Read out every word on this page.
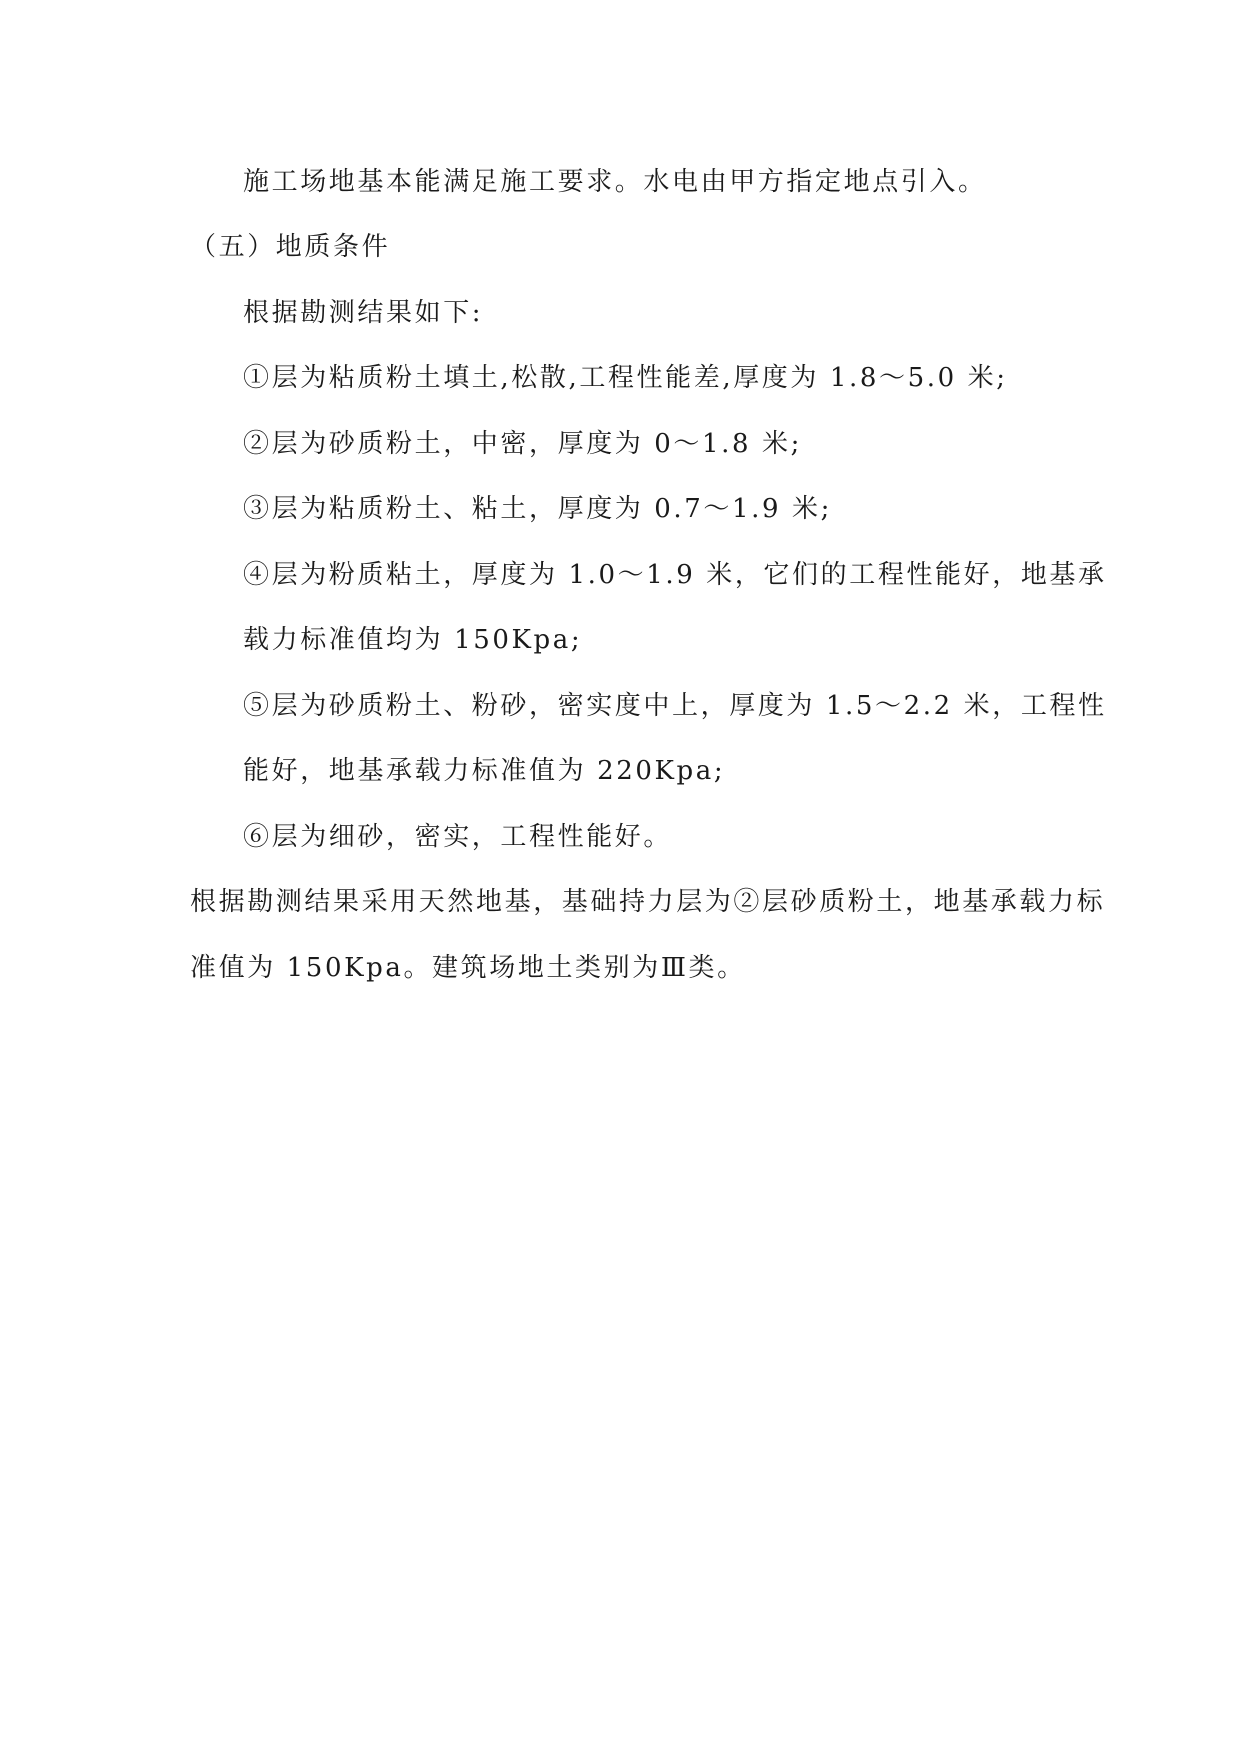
施工场地基本能满足施工要求。水电由甲方指定地点引入。
（五）地质条件
根据勘测结果如下:
①层为粘质粉土填土,松散,工程性能差,厚度为 1.8～5.0 米;
②层为砂质粉土，中密，厚度为 0～1.8 米;
③层为粘质粉土、粘土，厚度为 0.7～1.9 米;
④层为粉质粘土，厚度为 1.0～1.9 米，它们的工程性能好，地基承
载力标准值均为 150Kpa;
⑤层为砂质粉土、粉砂，密实度中上，厚度为 1.5～2.2 米，工程性
能好，地基承载力标准值为 220Kpa;
⑥层为细砂，密实，工程性能好。
根据勘测结果采用天然地基，基础持力层为②层砂质粉土，地基承载力标
准值为 150Kpa。建筑场地土类别为Ⅲ类。
